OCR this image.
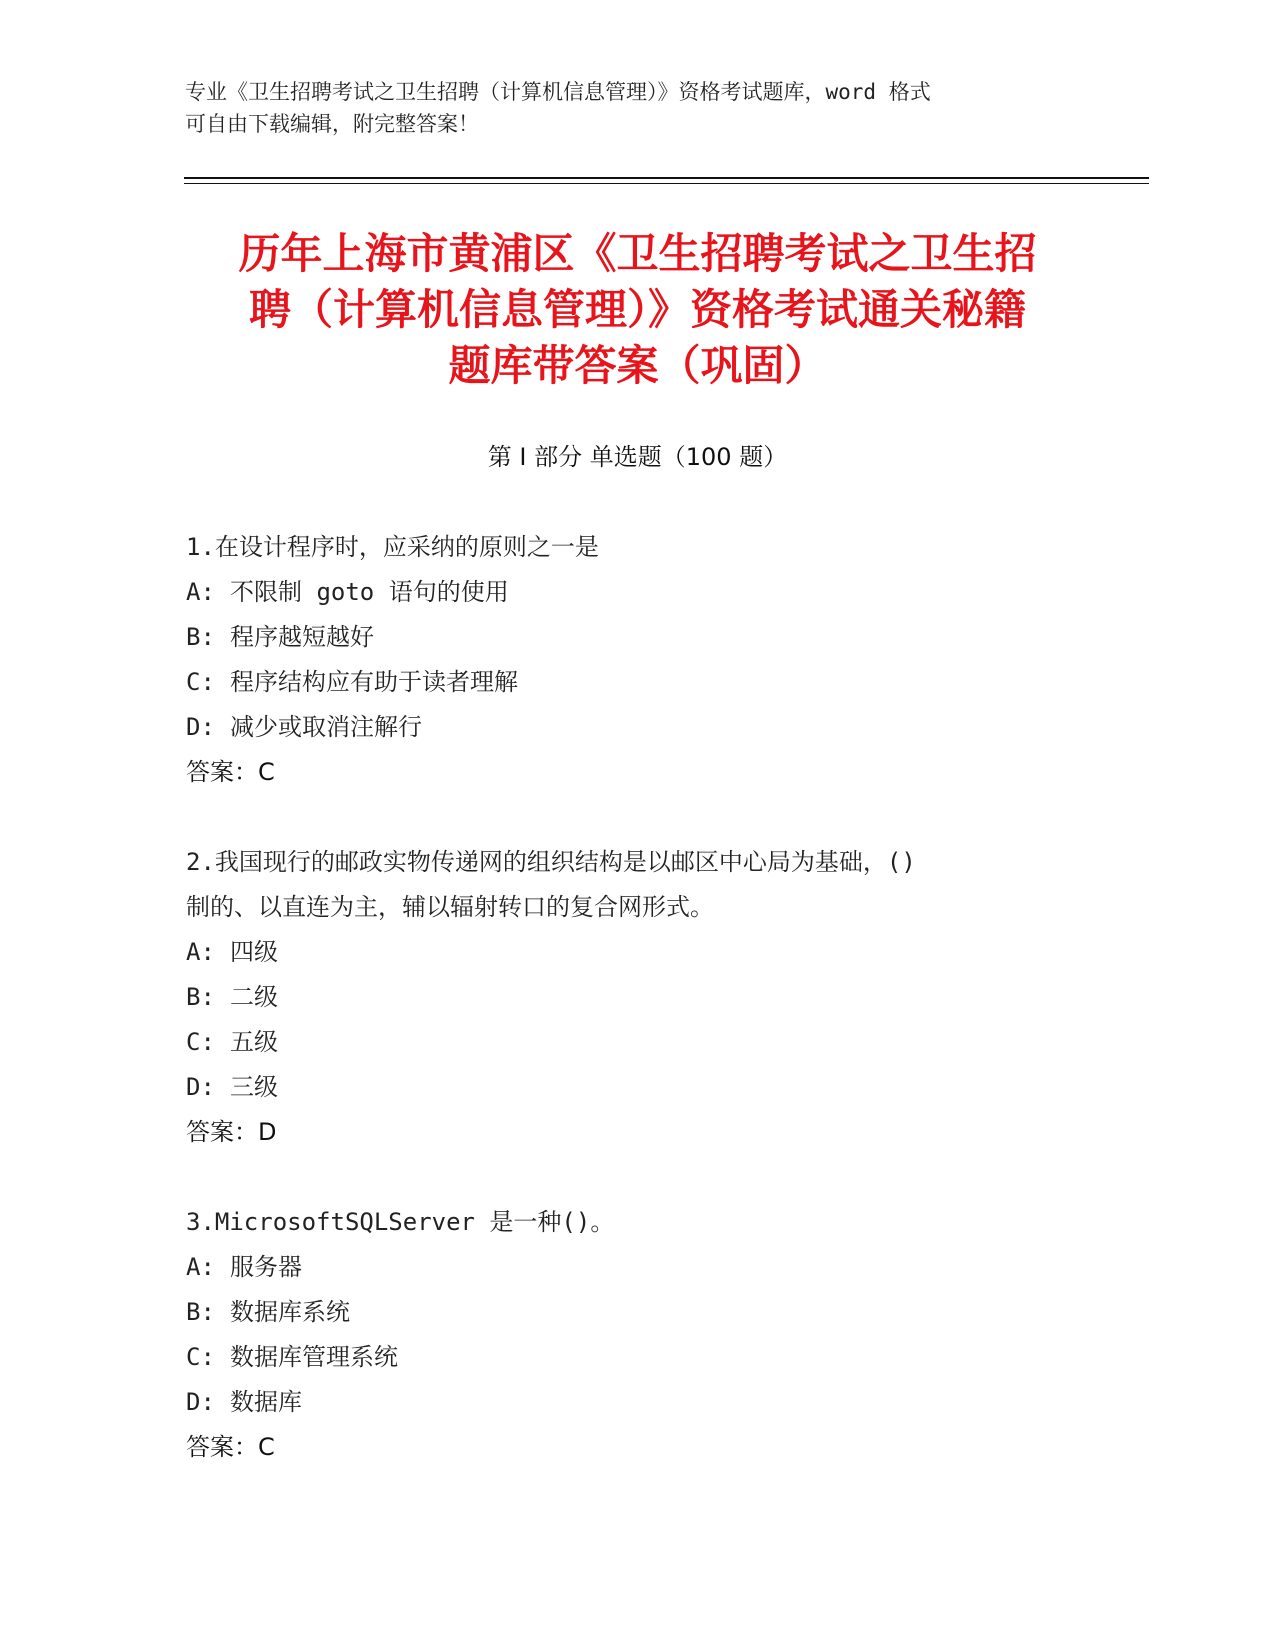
专业《卫生招聘考试之卫生招聘（计算机信息管理）》资格考试题库，word 格式
可自由下载编辑，附完整答案！
历年上海市黄浦区《卫生招聘考试之卫生招
聘（计算机信息管理）》资格考试通关秘籍
题库带答案（巩固）
第 I 部分 单选题（100 题）
1.在设计程序时，应采纳的原则之一是
A: 不限制 goto 语句的使用
B: 程序越短越好
C: 程序结构应有助于读者理解
D: 减少或取消注解行
答案：C
2.我国现行的邮政实物传递网的组织结构是以邮区中心局为基础，()
制的、以直连为主，辅以辐射转口的复合网形式。
A: 四级
B: 二级
C: 五级
D: 三级
答案：D
3.MicrosoftSQLServer 是一种()。
A: 服务器
B: 数据库系统
C: 数据库管理系统
D: 数据库
答案：C
